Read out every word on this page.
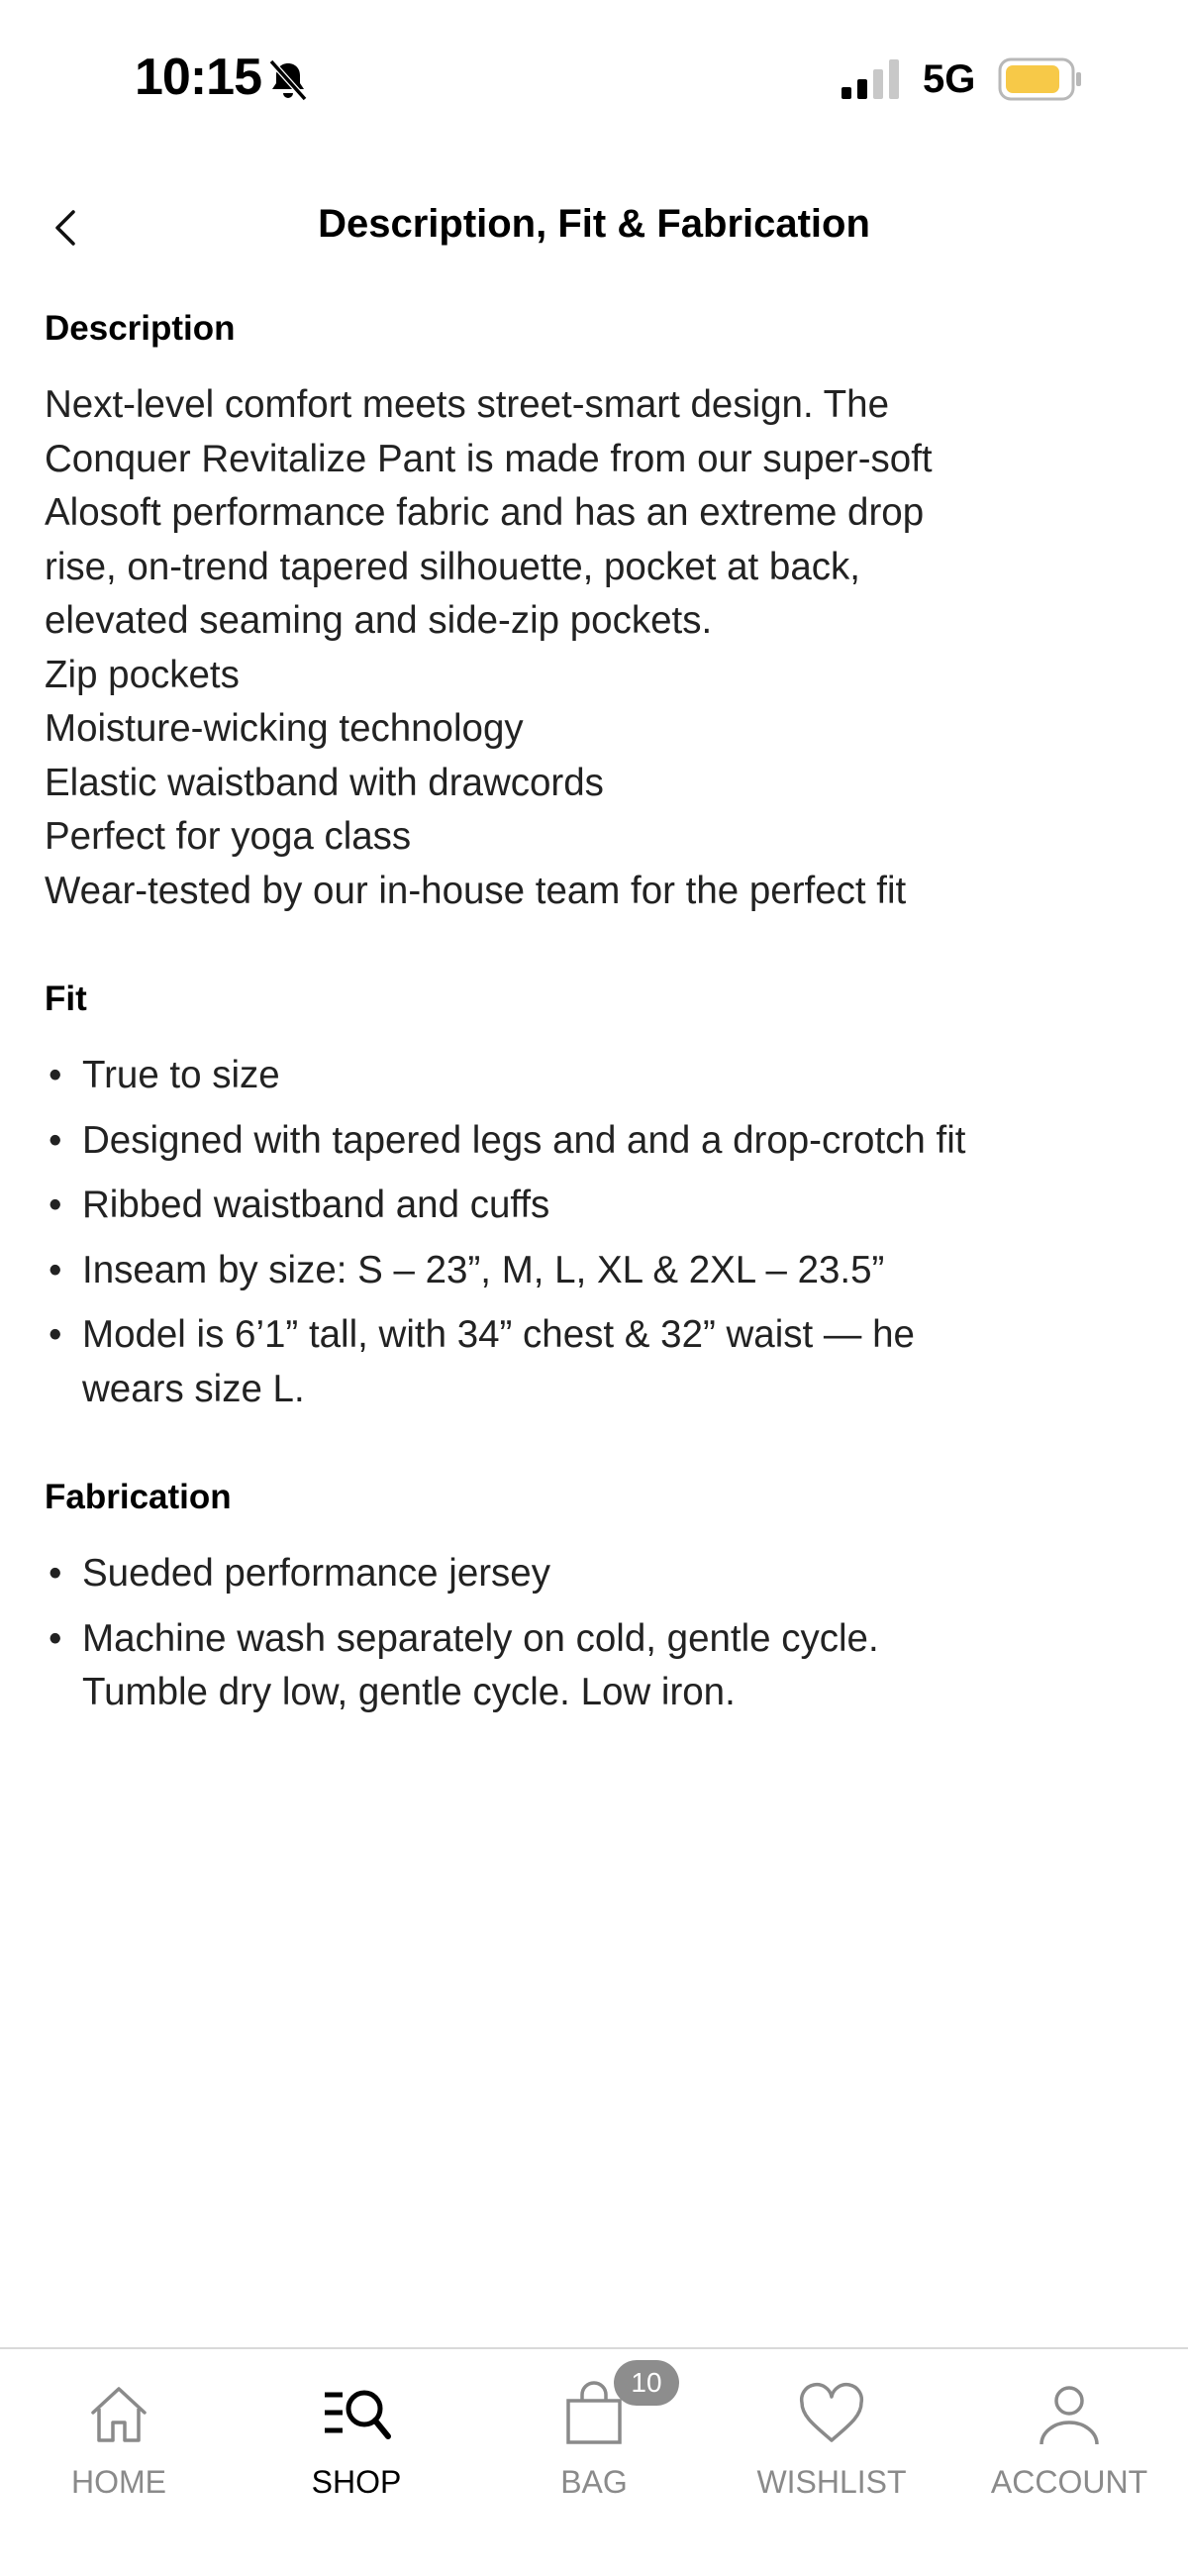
10:15	5G
Description, Fit & Fabrication
Description
Next-level comfort meets street-smart design. The
Conquer Revitalize Pant is made from our super-soft
Alosoft performance fabric and has an extreme drop
rise, on-trend tapered silhouette, pocket at back,
elevated seaming and side-zip pockets.
Zip pockets
Moisture-wicking technology
Elastic waistband with drawcords
Perfect for yoga class
Wear-tested by our in-house team for the perfect fit
Fit
• True to size
• Designed with tapered legs and and a drop-crotch fit
• Ribbed waistband and cuffs
• Inseam by size: S – 23”, M, L, XL & 2XL – 23.5”
• Model is 6’1” tall, with 34” chest & 32” waist — he
wears size L.
Fabrication
• Sueded performance jersey
• Machine wash separately on cold, gentle cycle.
Tumble dry low, gentle cycle. Low iron.
HOME	SHOP	BAG	WISHLIST	ACCOUNT
10
